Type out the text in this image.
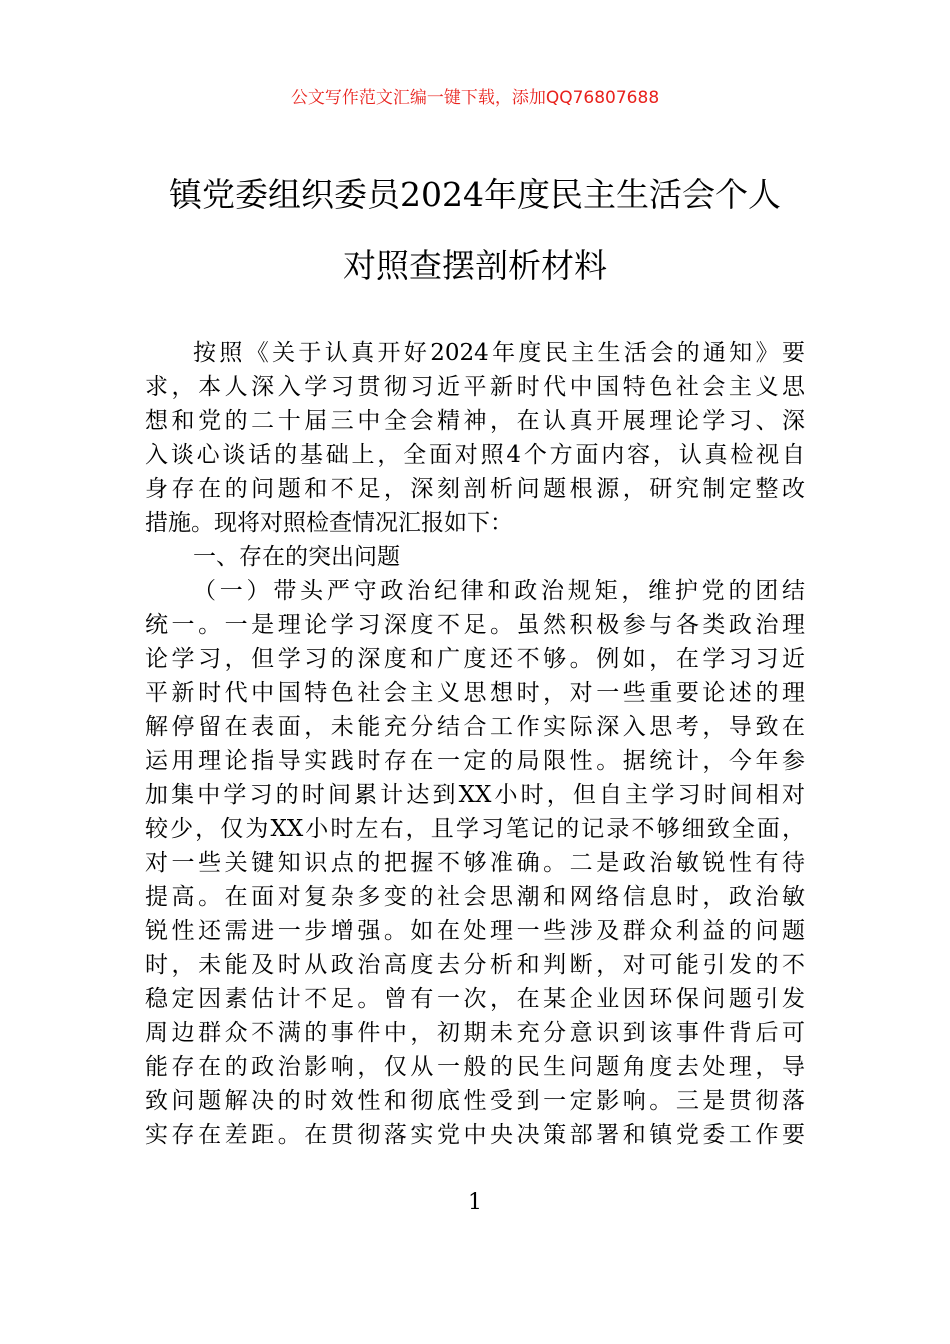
公文写作范文汇编一键下载，添加QQ76807688
镇党委组织委员2024年度民主生活会个人
对照查摆剖析材料
按照《关于认真开好2024年度民主生活会的通知》要
求，本人深入学习贯彻习近平新时代中国特色社会主义思
想和党的二十届三中全会精神，在认真开展理论学习、深
入谈心谈话的基础上，全面对照4个方面内容，认真检视自
身存在的问题和不足，深刻剖析问题根源，研究制定整改
措施。现将对照检查情况汇报如下：
一、存在的突出问题
（一）带头严守政治纪律和政治规矩，维护党的团结
统一。一是理论学习深度不足。虽然积极参与各类政治理
论学习，但学习的深度和广度还不够。例如，在学习习近
平新时代中国特色社会主义思想时，对一些重要论述的理
解停留在表面，未能充分结合工作实际深入思考，导致在
运用理论指导实践时存在一定的局限性。据统计，今年参
加集中学习的时间累计达到XX小时，但自主学习时间相对
较少，仅为XX小时左右，且学习笔记的记录不够细致全面，
对一些关键知识点的把握不够准确。二是政治敏锐性有待
提高。在面对复杂多变的社会思潮和网络信息时，政治敏
锐性还需进一步增强。如在处理一些涉及群众利益的问题
时，未能及时从政治高度去分析和判断，对可能引发的不
稳定因素估计不足。曾有一次，在某企业因环保问题引发
周边群众不满的事件中，初期未充分意识到该事件背后可
能存在的政治影响，仅从一般的民生问题角度去处理，导
致问题解决的时效性和彻底性受到一定影响。三是贯彻落
实存在差距。在贯彻落实党中央决策部署和镇党委工作要
1
